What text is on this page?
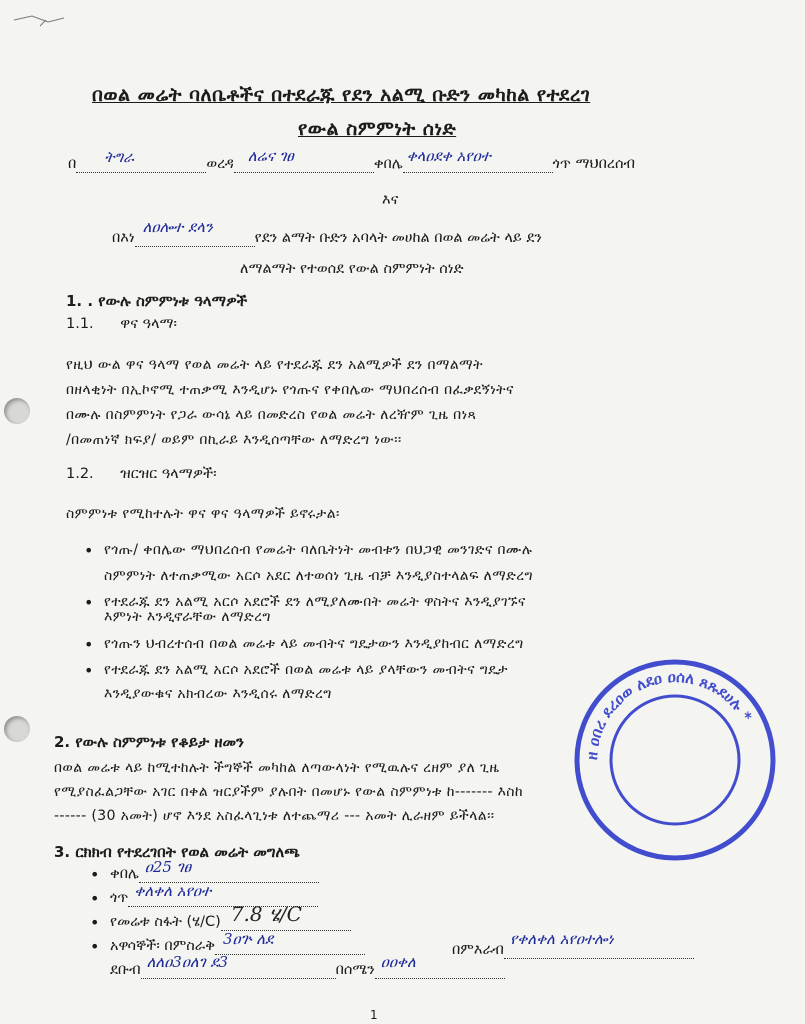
በወል መሬት ባለቤቶችና በተደራጁ የደን አልሚ ቡድን መካከል የተደረገ
የውል ስምምነት ሰነድ
በ ትግራ	ወረዳ ለሬና ገፀ	ቀበሌ ቀላዐደቀ አየዐተ	ጎጥ ማህበረሰብ
እና
በእነ
ለዐሎተ ደላን
የደን ልማት ቡድን አባላት መሀከል በወል መሬት ላይ ደን
ለማልማት የተወሰደ የውል ስምምነት ሰነድ
1. . የውሉ ስምምነቱ ዓላማዎች
1.1. ዋና ዓላማ፡
የዚህ ውል ዋና ዓላማ የወል መሬት ላይ የተደራጁ ደን አልሚዎች ደን በማልማት
በዘላቂነት በኢኮኖሚ ተጠቃሚ እንዲሆኑ የጎጡና የቀበሌው ማህበረሰብ በፈቃደኝነትና
በሙሉ በስምምነት የጋራ ውሳኔ ላይ በመድረስ የወል መሬት ለረዥም ጊዜ በነጻ
/በመጠነኛ ክፍያ/ ወይም በኪራይ እንዲሰጣቸው ለማድረግ ነው፡፡
1.2. ዝርዝር ዓላማዎች፡
ስምምነቱ የሚከተሉት ዋና ዋና ዓላማዎች ይኖሩታል፡
• የጎጡ/ ቀበሌው ማህበረሰብ የመሬት ባለቤትነት መብቱን በህጋዊ መንገድና በሙሉ
ስምምነት ለተጠቃሚው አርሶ አደር ለተወሰነ ጊዜ ብቻ እንዲያስተላልፍ ለማድረግ
• የተደራጁ ደን አልሚ አርሶ አደሮች ደን ለሚያለሙበት መሬት ዋስትና እንዲያገኙና
እምነት እንዲኖራቸው ለማድረግ
• የጎጡን ህብረተሰብ በወል መሬቱ ላይ መብትና ግዴታውን እንዲያከብር ለማድረግ
• የተደራጁ ደን አልሚ አርሶ አደሮች በወል መሬቱ ላይ ያላቸውን መብትና ግዴታ
እንዲያውቁና አክብረው እንዲሰሩ ለማድረግ
2. የውሉ ስምምነቱ የቆይታ ዘመን
በወል መሬቱ ላይ ከሚተከሉት ችግኞች መካከል ለጣውላነት የሚዉሉና ረዘም ያለ ጊዜ
የሚያስፈልጋቸው አገር በቀል ዝርያችም ያሉበት በመሆኑ የውል ስምምነቱ ከ------- እስከ
------ (30 አመት) ሆኖ እንደ አስፈላጊነቱ ለተጨማሪ --- አመት ሊራዘም ይችላል፡፡
3. ርክክብ የተደረገበት የወል መሬት መግለጫ
• ቀበሌ ዐ25 ገፀ

• ጎጥ ቀለቀለ አየዐተ

• የመሬቱ ስፋት (ሄ/C) 7.8 ሄ/C

• አዋሳኞች፡ በምስራቅ 3ዐጕ ለደ

በምእራብ
የቀለቀለ አየዐተሎነ

ደቡብ ለለዐ3ዐለገ ደ3	በሰሜን ዐዐቀለ

1
ዘ ዐበረ ደረዐወ ለደዐ ዐሰለ ጸጹደሀሉ *
